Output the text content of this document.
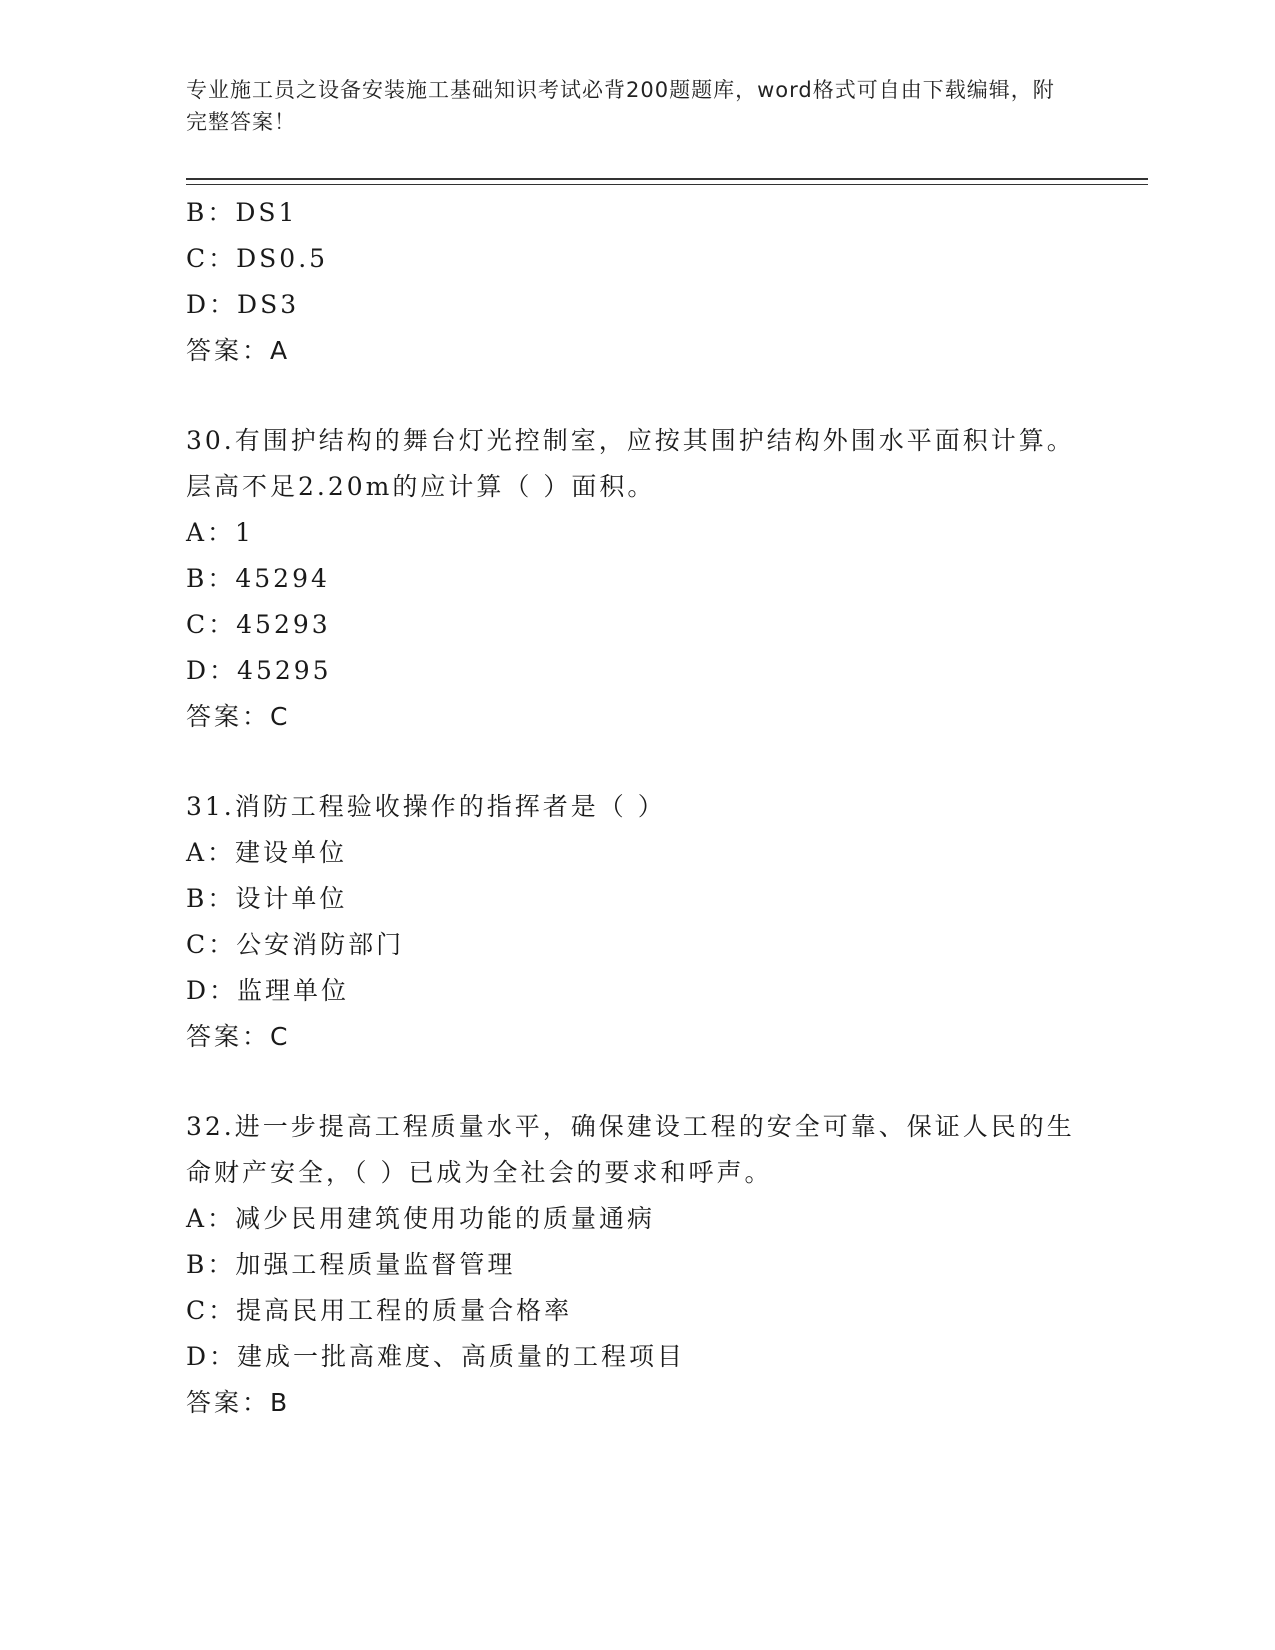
专业施工员之设备安装施工基础知识考试必背200题题库，word格式可自由下载编辑，附完整答案！
B：DS1
C：DS0.5
D：DS3
答案：A
30.有围护结构的舞台灯光控制室，应按其围护结构外围水平面积计算。层高不足2.20m的应计算（ ）面积。
A：1
B：45294
C：45293
D：45295
答案：C
31.消防工程验收操作的指挥者是（ ）
A：建设单位
B：设计单位
C：公安消防部门
D：监理单位
答案：C
32.进一步提高工程质量水平，确保建设工程的安全可靠、保证人民的生命财产安全，（ ）已成为全社会的要求和呼声。
A：减少民用建筑使用功能的质量通病
B：加强工程质量监督管理
C：提高民用工程的质量合格率
D：建成一批高难度、高质量的工程项目
答案：B
